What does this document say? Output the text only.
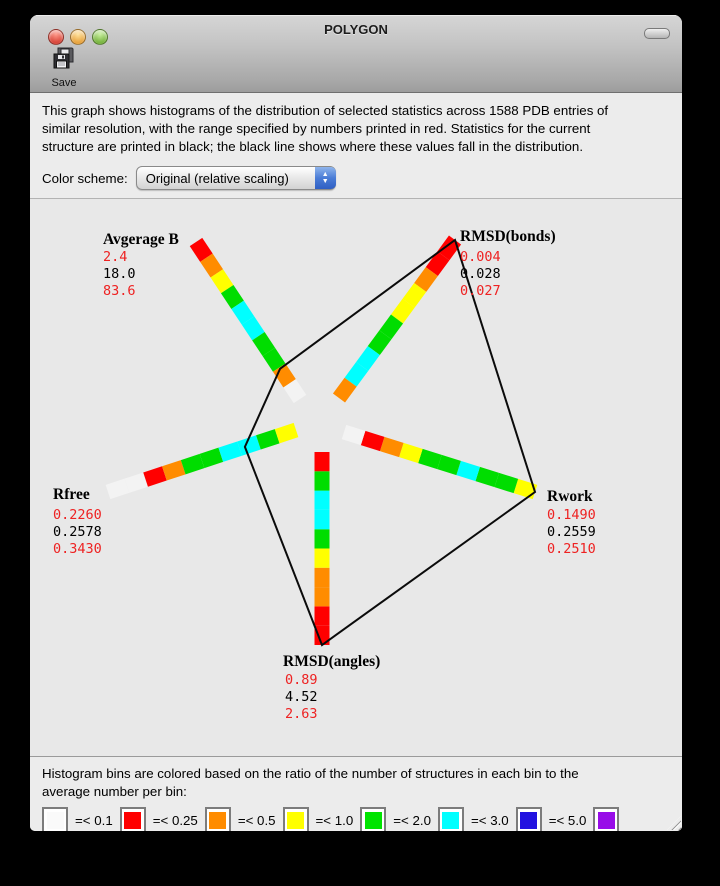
POLYGON
Save
This graph shows histograms of the distribution of selected statistics across 1588 PDB entries of
similar resolution, with the range specified by numbers printed in red. Statistics for the current
structure are printed in black; the black line shows where these values fall in the distribution.
Color scheme:	Original (relative scaling)	▲
▼
Avgerage B
2.4
18.0
83.6
RMSD(bonds)
0.004
0.028
0.027
Rwork
0.1490
0.2559
0.2510
RMSD(angles)
0.89
4.52
2.63
Rfree
0.2260
0.2578
0.3430
Histogram bins are colored based on the ratio of the number of structures in each bin to the
average number per bin:
=< 0.1	=< 0.25	=< 0.5	=< 1.0	=< 2.0	=< 3.0	=< 5.0
